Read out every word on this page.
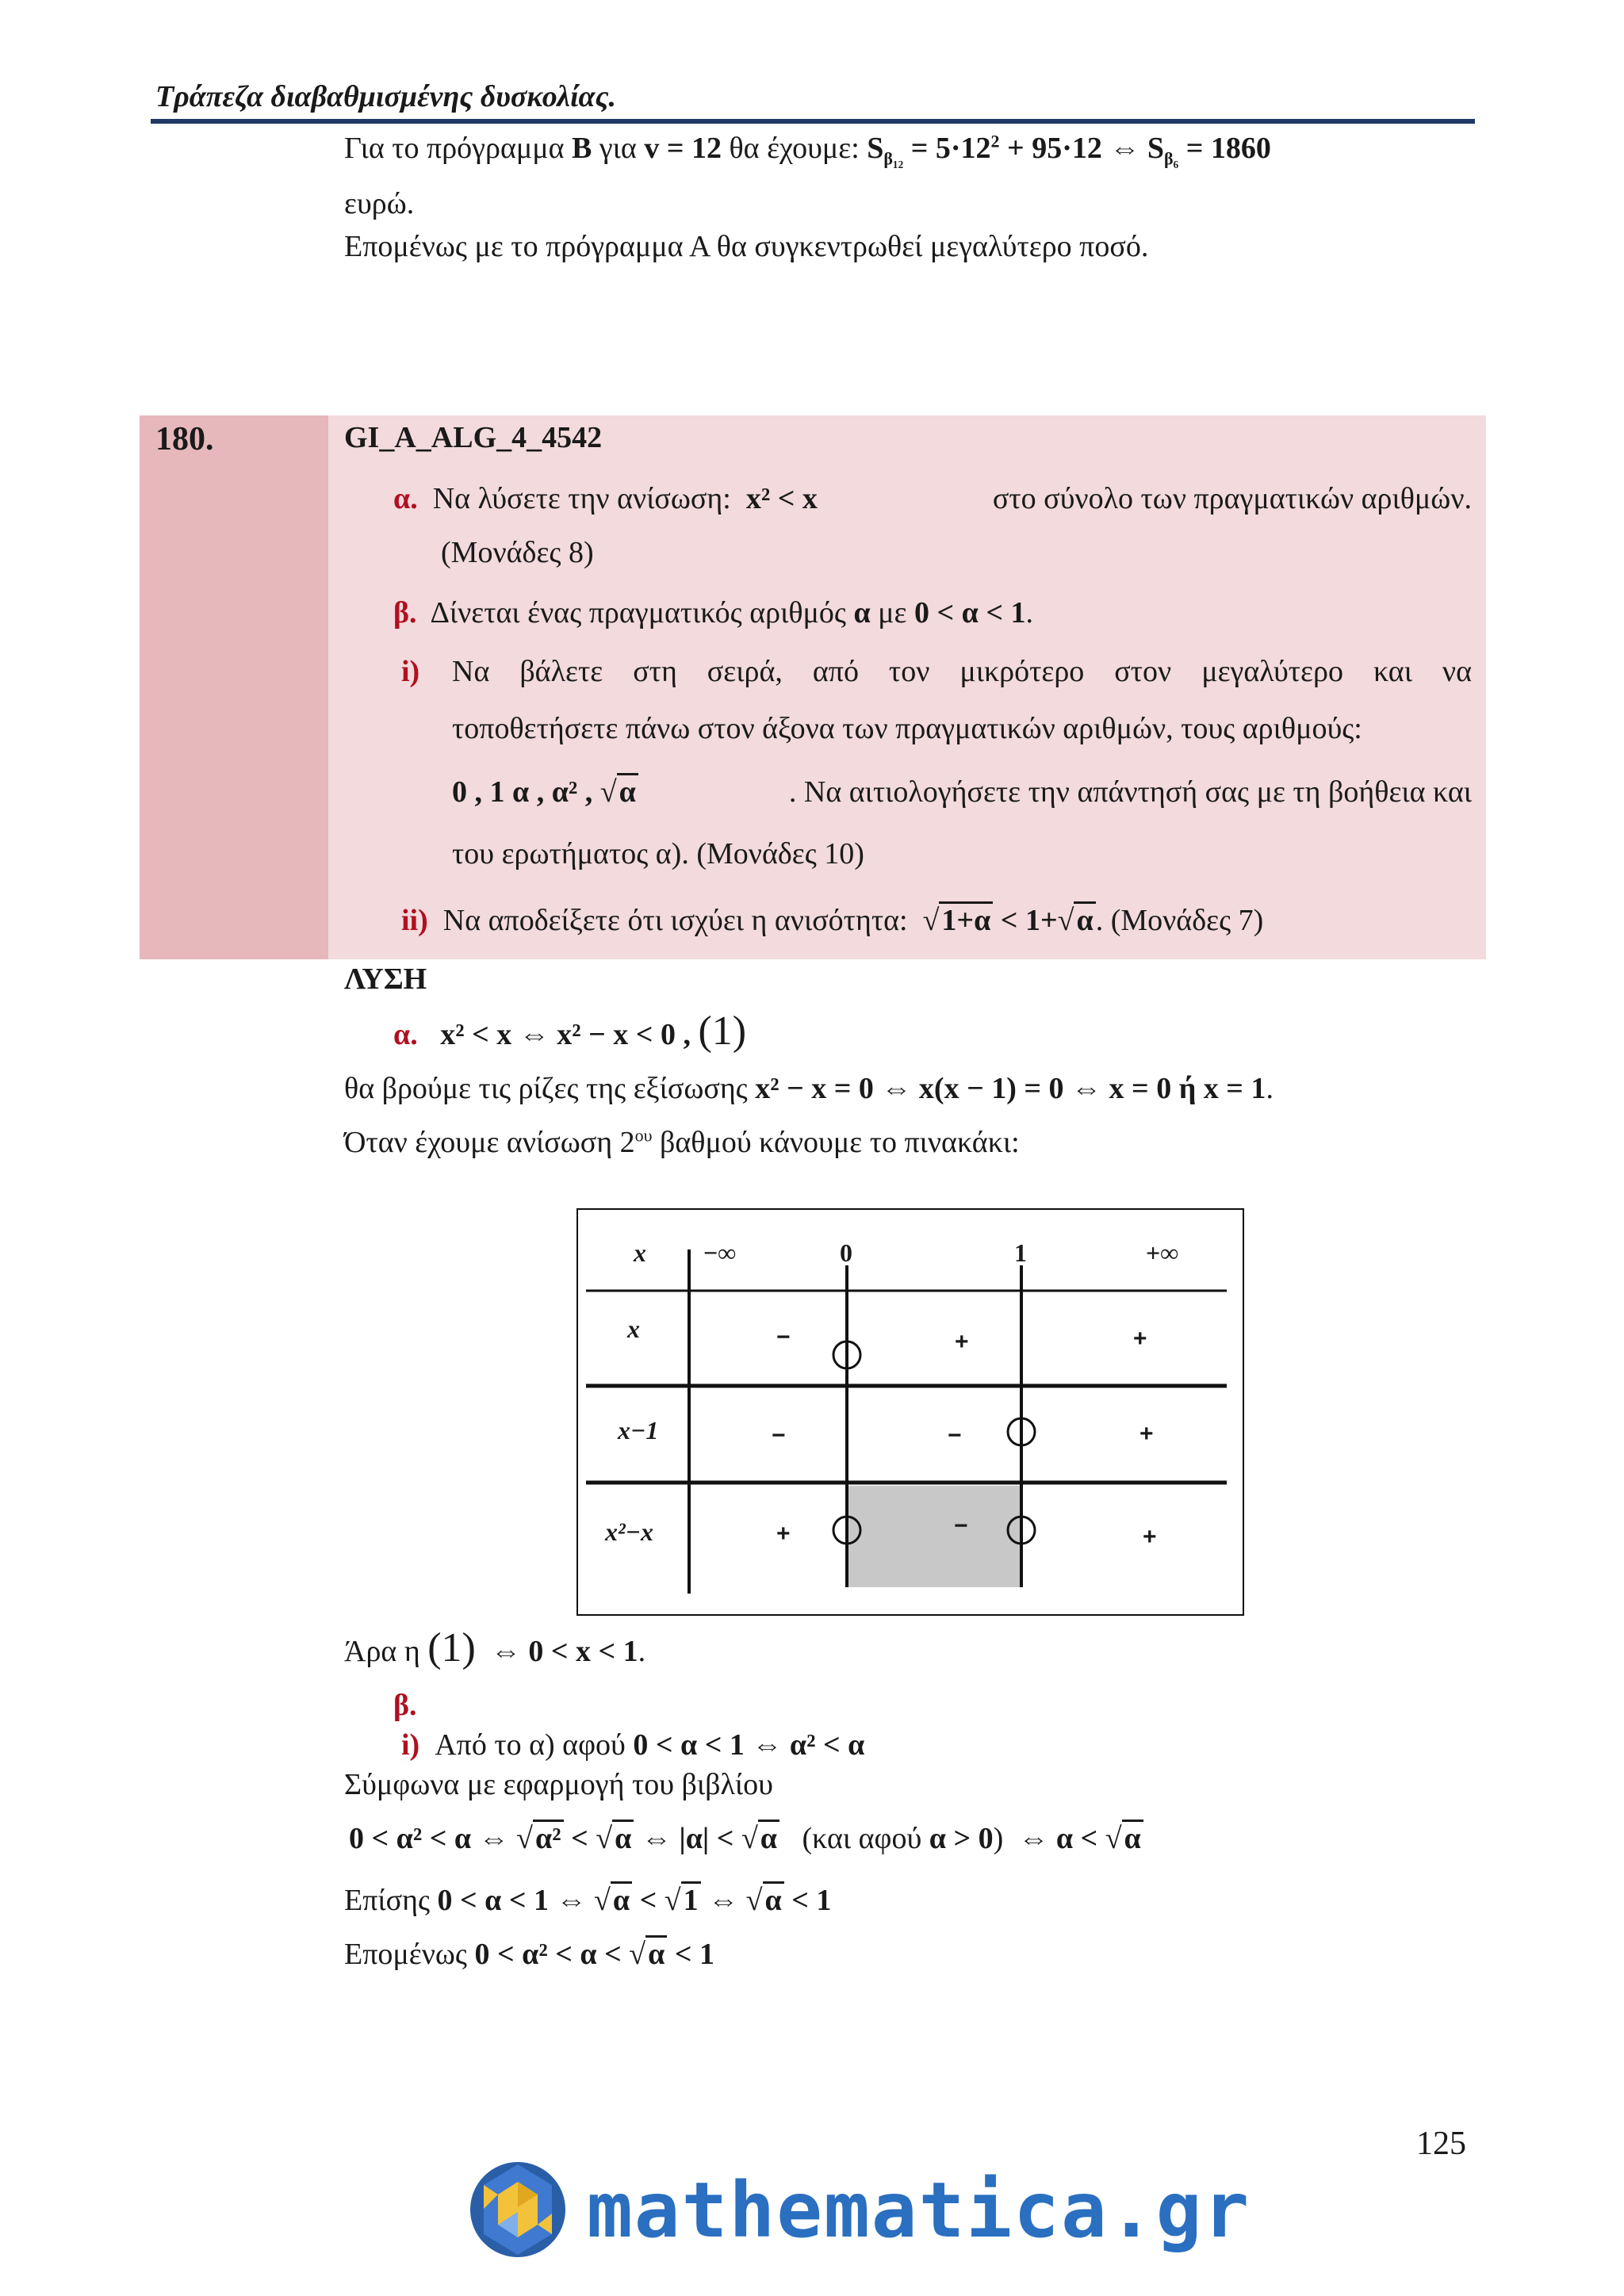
Τράπεζα διαβαθμισμένης δυσκολίας.
Για το πρόγραμμα B για v = 12 θα έχουμε: $S_{\beta_{12}} = 5\cdot 12^2 + 95\cdot 12$ ⇔ $S_{\beta_6} = 1860$
ευρώ.
Επομένως με το πρόγραμμα Α θα συγκεντρωθεί μεγαλύτερο ποσό.
180.	GI_A_ALG_4_4542
α. Να λύσετε την ανίσωση: x² < x	στο σύνολο των πραγματικών αριθμών.
(Μονάδες 8)
β. Δίνεται ένας πραγματικός αριθμός α με 0 < α < 1.
i) Να βάλετε στη σειρά, από τον μικρότερο στον μεγαλύτερο και να
τοποθετήσετε πάνω στον άξονα των πραγματικών αριθμών, τους αριθμούς:
0 , 1 α , α² , √α	. Να αιτιολογήσετε την απάντησή σας με τη βοήθεια και
του ερωτήματος α). (Μονάδες 10)
ii) Να αποδείξετε ότι ισχύει η ανισότητα: √1+α < 1+√α. (Μονάδες 7)
ΛΥΣΗ
α. x² < x ⇔ x² − x < 0 , (1)
θα βρούμε τις ρίζες της εξίσωσης x² − x = 0 ⇔ x(x − 1) = 0 ⇔ x = 0 ή x = 1.
Όταν έχουμε ανίσωση $2^{o\upsilon}$ βαθμού κάνουμε το πινακάκι:
x −∞	0	1	+∞
x	−	+	+
x−1	−	−	+
x²−x	+	−	+
Άρα η (1) ⇔ 0 < x < 1.
β.
i) Από το α) αφού 0 < α < 1 ⇔ α² < α
Σύμφωνα με εφαρμογή του βιβλίου
0 < α² < α ⇔ √α² < √α ⇔ |α| < √α (και αφού α > 0) ⇔ α < √α
Επίσης 0 < α < 1 ⇔ √α < √1 ⇔ √α < 1
Επομένως 0 < α² < α < √α < 1
125
mathematica.gr
